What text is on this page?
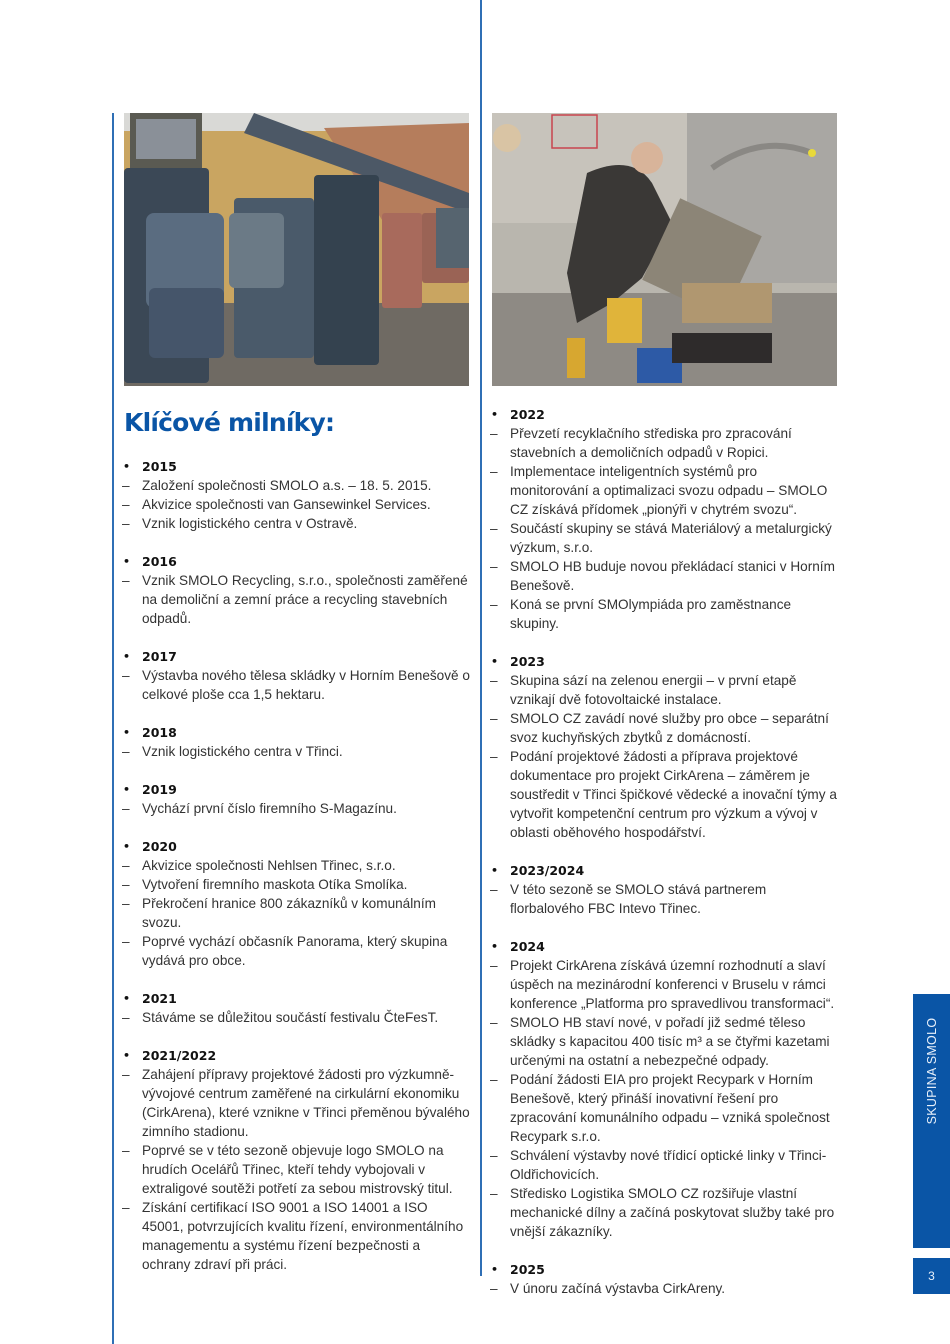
Klíčové milníky:
• 2015
– Založení společnosti SMOLO a.s. – 18. 5. 2015.
– Akvizice společnosti van Gansewinkel Services.
– Vznik logistického centra v Ostravě.
• 2016
– Vznik SMOLO Recycling, s.r.o., společnosti zaměřené na demoliční a zemní práce a recycling stavebních odpadů.
• 2017
– Výstavba nového tělesa skládky v Horním Benešově o celkové ploše cca 1,5 hektaru.
• 2018
– Vznik logistického centra v Třinci.
• 2019
– Vychází první číslo firemního S-Magazínu.
• 2020
– Akvizice společnosti Nehlsen Třinec, s.r.o.
– Vytvoření firemního maskota Otíka Smolíka.
– Překročení hranice 800 zákazníků v komunálním svozu.
– Poprvé vychází občasník Panorama, který skupina vydává pro obce.
• 2021
– Stáváme se důležitou součástí festivalu ČteFesT.
• 2021/2022
– Zahájení přípravy projektové žádosti pro výzkumně-vývojové centrum zaměřené na cirkulární ekonomiku (CirkArena), které vznikne v Třinci přeměnou bývalého zimního stadionu.
– Poprvé se v této sezoně objevuje logo SMOLO na hrudích Ocelářů Třinec, kteří tehdy vybojovali v extraligové soutěži potřetí za sebou mistrovský titul.
– Získání certifikací ISO 9001 a ISO 14001 a ISO 45001, potvrzujících kvalitu řízení, environmentálního managementu a systému řízení bezpečnosti a ochrany zdraví při práci.
• 2022
– Převzetí recyklačního střediska pro zpracování stavebních a demoličních odpadů v Ropici.
– Implementace inteligentních systémů pro monitorování a optimalizaci svozu odpadu – SMOLO CZ získává přídomek „pionýři v chytrém svozu“.
– Součástí skupiny se stává Materiálový a metalurgický výzkum, s.r.o.
– SMOLO HB buduje novou překládací stanici v Horním Benešově.
– Koná se první SMOlympiáda pro zaměstnance skupiny.
• 2023
– Skupina sází na zelenou energii – v první etapě vznikají dvě fotovoltaické instalace.
– SMOLO CZ zavádí nové služby pro obce – separátní svoz kuchyňských zbytků z domácností.
– Podání projektové žádosti a příprava projektové dokumentace pro projekt CirkArena – záměrem je soustředit v Třinci špičkové vědecké a inovační týmy a vytvořit kompetenční centrum pro výzkum a vývoj v oblasti oběhového hospodářství.
• 2023/2024
– V této sezoně se SMOLO stává partnerem florbalového FBC Intevo Třinec.
• 2024
– Projekt CirkArena získává územní rozhodnutí a slaví úspěch na mezinárodní konferenci v Bruselu v rámci konference „Platforma pro spravedlivou transformaci“.
– SMOLO HB staví nové, v pořadí již sedmé těleso skládky s kapacitou 400 tisíc m³ a se čtyřmi kazetami určenými na ostatní a nebezpečné odpady.
– Podání žádosti EIA pro projekt Recypark v Horním Benešově, který přináší inovativní řešení pro zpracování komunálního odpadu – vzniká společnost Recypark s.r.o.
– Schválení výstavby nové třídicí optické linky v Třinci-Oldřichovicích.
– Středisko Logistika SMOLO CZ rozšiřuje vlastní mechanické dílny a začíná poskytovat služby také pro vnější zákazníky.
• 2025
– V únoru začíná výstavba CirkAreny.
SKUPINA SMOLO
3
